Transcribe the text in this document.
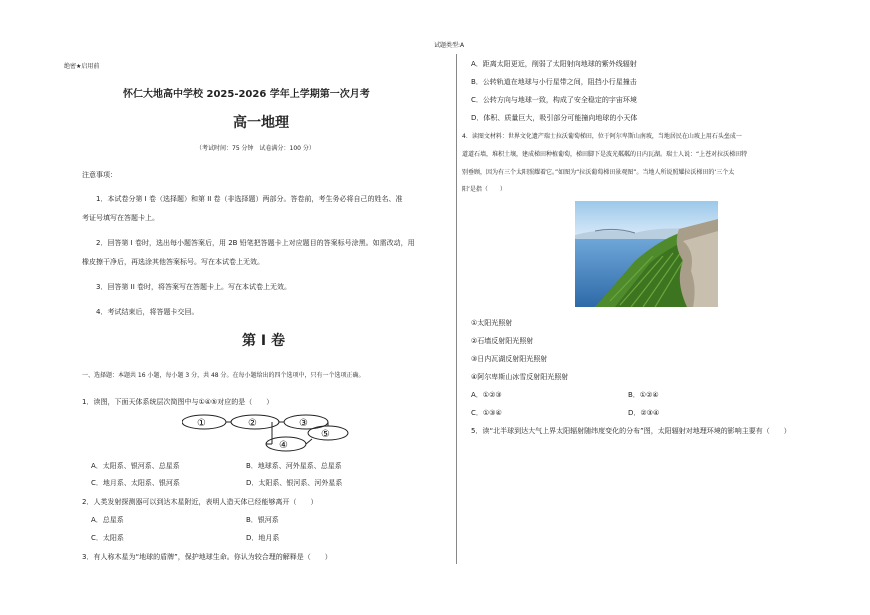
试题类型:A
绝密★启用前
怀仁大地高中学校 2025-2026 学年上学期第一次月考
高一地理
（考试时间：75 分钟　试卷满分：100 分）
注意事项：
1．本试卷分第 I 卷（选择题）和第 II 卷（非选择题）两部分。答卷前，考生务必将自己的姓名、准
考证号填写在答题卡上。
2．回答第 I 卷时，选出每小题答案后，用 2B 铅笔把答题卡上对应题目的答案标号涂黑。如需改动，用
橡皮擦干净后，再选涂其他答案标号。写在本试卷上无效。
3．回答第 II 卷时，将答案写在答题卡上。写在本试卷上无效。
4．考试结束后，将答题卡交回。
第 I 卷
一、选择题：本题共 16 小题，每小题 3 分，共 48 分。在每小题给出的四个选项中，只有一个选项正确。
1．读图，下面天体系统层次简图中与①④⑤对应的是（　　）
①	②	③
④
⑤
A．太阳系、银河系、总星系	B．地球系、河外星系、总星系
C．地月系、太阳系、银河系	D．太阳系、银河系、河外星系
2．人类发射探测器可以到达木星附近，表明人造天体已经能够离开（　　）
A．总星系	B．银河系
C．太阳系	D．地月系
3．有人称木星为“地球的盾牌”，保护地球生命。你认为较合理的解释是（　　）
A．距离太阳更近，削弱了太阳射向地球的紫外线辐射
B．公转轨道在地球与小行星带之间，阻挡小行星撞击
C．公转方向与地球一致，构成了安全稳定的宇宙环境
D．体积、质量巨大，吸引部分可能撞向地球的小天体
4．读图文材料：世界文化遗产瑞士拉沃葡萄梯田，位于阿尔卑斯山南坡，当地居民在山坡上用石头垒成一
道道石墙，堆积土壤，建成梯田种植葡萄，梯田脚下是波光粼粼的日内瓦湖。瑞士人说：“上苍对拉沃梯田特
别垂顾，因为有三个太阳照耀着它。”如图为“拉沃葡萄梯田景观图”。当地人所说照耀拉沃梯田的‘三个太
阳’是指（　　）
①太阳光照射
②石墙反射阳光照射
③日内瓦湖反射阳光照射
④阿尔卑斯山冰雪反射阳光照射
A．①②③	B．①②④
C．①③④	D．②③④
5．读“北半球到达大气上界太阳辐射随纬度变化的分布”图，太阳辐射对地理环境的影响主要有（　　）
